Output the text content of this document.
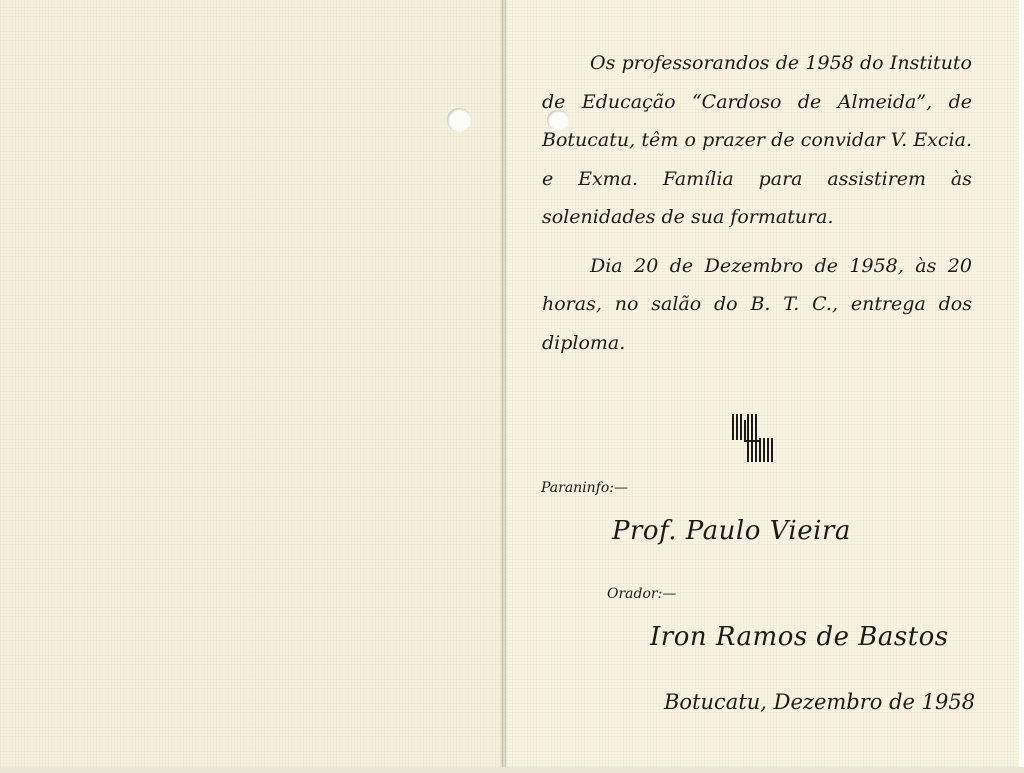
Os professorandos de 1958 do Instituto de Educação “Cardoso de Almeida”, de Botucatu, têm o prazer de convidar V. Excia. e Exma. Família para assistirem às solenidades de sua formatura.

Dia 20 de Dezembro de 1958, às 20 horas, no salão do B. T. C., entrega dos diploma.

Paraninfo:—
Prof. Paulo Vieira
Orador:—
Iron Ramos de Bastos
Botucatu, Dezembro de 1958
